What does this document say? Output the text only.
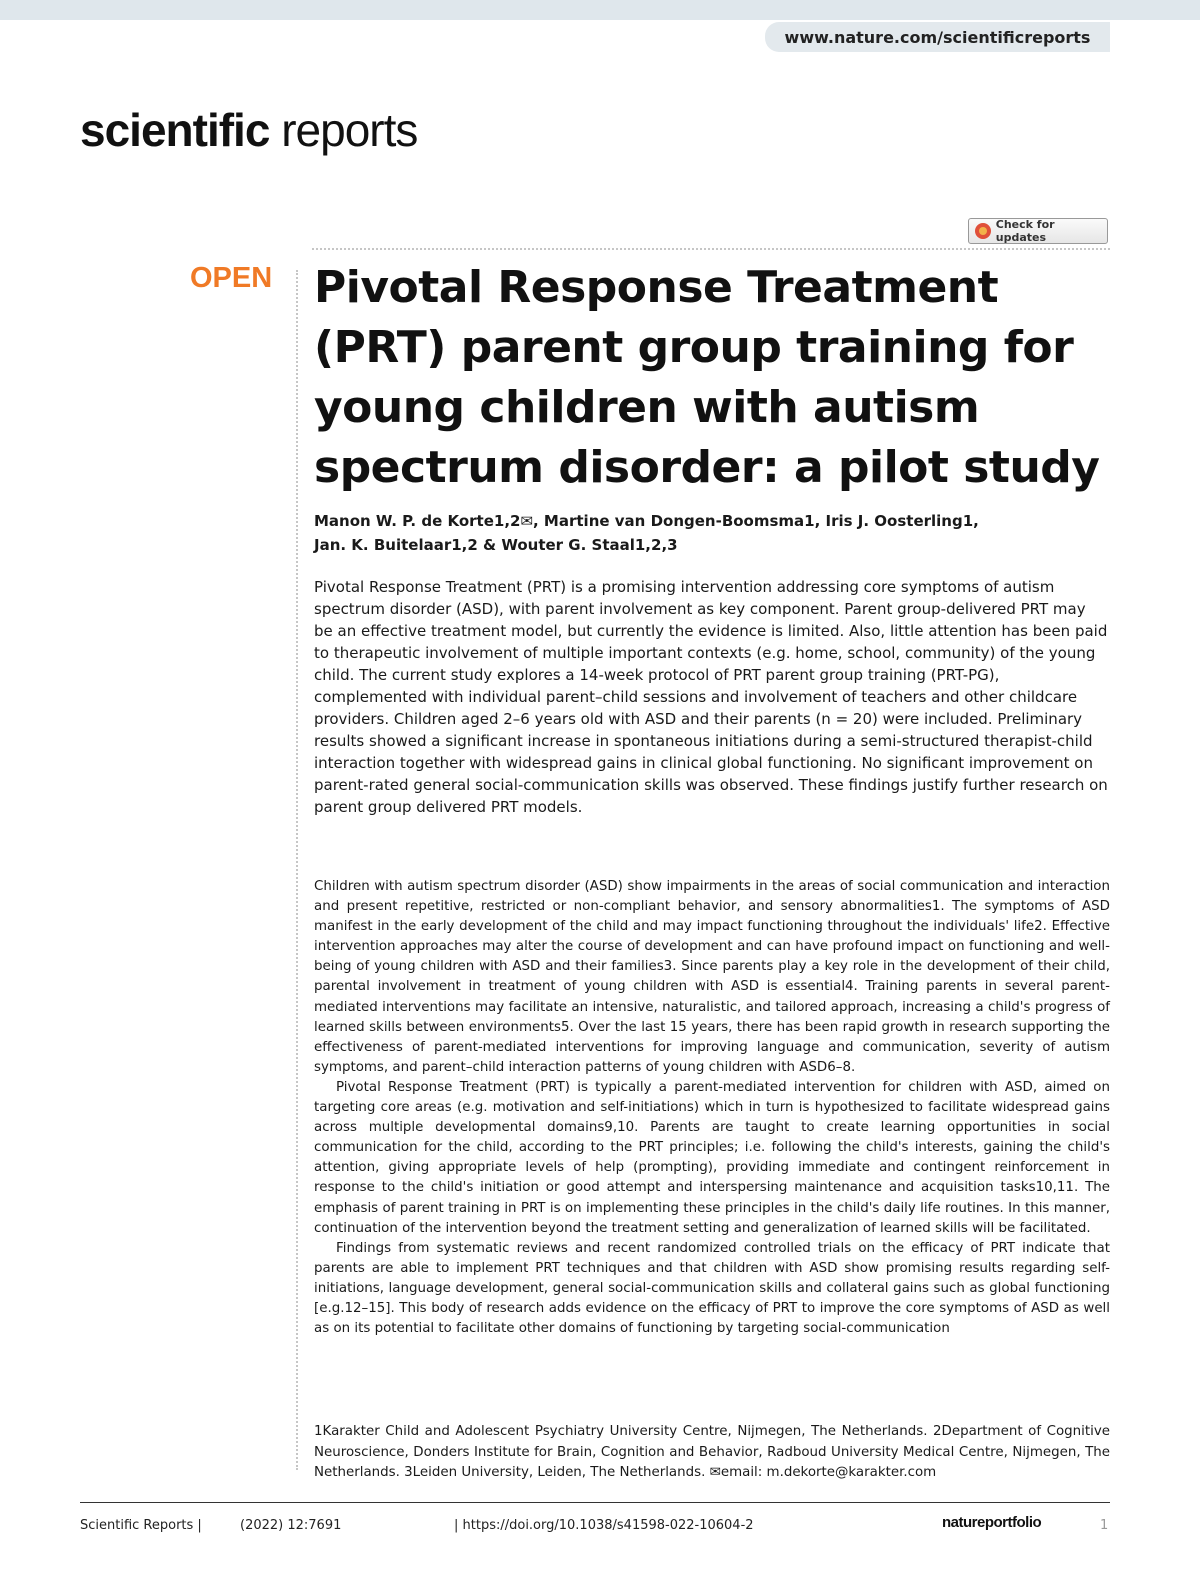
www.nature.com/scientificreports
scientific reports
Check for updates
OPEN Pivotal Response Treatment (PRT) parent group training for young children with autism spectrum disorder: a pilot study
Manon W. P. de Korte1,2✉, Martine van Dongen-Boomsma1, Iris J. Oosterling1,
Jan. K. Buitelaar1,2 & Wouter G. Staal1,2,3

Pivotal Response Treatment (PRT) is a promising intervention addressing core symptoms of autism spectrum disorder (ASD), with parent involvement as key component. Parent group-delivered PRT may be an effective treatment model, but currently the evidence is limited. Also, little attention has been paid to therapeutic involvement of multiple important contexts (e.g. home, school, community) of the young child. The current study explores a 14-week protocol of PRT parent group training (PRT-PG), complemented with individual parent–child sessions and involvement of teachers and other childcare providers. Children aged 2–6 years old with ASD and their parents (n = 20) were included. Preliminary results showed a significant increase in spontaneous initiations during a semi-structured therapist-child interaction together with widespread gains in clinical global functioning. No significant improvement on parent-rated general social-communication skills was observed. These findings justify further research on parent group delivered PRT models.

Children with autism spectrum disorder (ASD) show impairments in the areas of social communication and interaction and present repetitive, restricted or non-compliant behavior, and sensory abnormalities1. The symptoms of ASD manifest in the early development of the child and may impact functioning throughout the individuals' life2. Effective intervention approaches may alter the course of development and can have profound impact on functioning and well-being of young children with ASD and their families3. Since parents play a key role in the development of their child, parental involvement in treatment of young children with ASD is essential4. Training parents in several parent-mediated interventions may facilitate an intensive, naturalistic, and tailored approach, increasing a child's progress of learned skills between environments5. Over the last 15 years, there has been rapid growth in research supporting the effectiveness of parent-mediated interventions for improving language and communication, severity of autism symptoms, and parent–child interaction patterns of young children with ASD6–8.

Pivotal Response Treatment (PRT) is typically a parent-mediated intervention for children with ASD, aimed on targeting core areas (e.g. motivation and self-initiations) which in turn is hypothesized to facilitate widespread gains across multiple developmental domains9,10. Parents are taught to create learning opportunities in social communication for the child, according to the PRT principles; i.e. following the child's interests, gaining the child's attention, giving appropriate levels of help (prompting), providing immediate and contingent reinforcement in response to the child's initiation or good attempt and interspersing maintenance and acquisition tasks10,11. The emphasis of parent training in PRT is on implementing these principles in the child's daily life routines. In this manner, continuation of the intervention beyond the treatment setting and generalization of learned skills will be facilitated.

Findings from systematic reviews and recent randomized controlled trials on the efficacy of PRT indicate that parents are able to implement PRT techniques and that children with ASD show promising results regarding self-initiations, language development, general social-communication skills and collateral gains such as global functioning [e.g.12–15]. This body of research adds evidence on the efficacy of PRT to improve the core symptoms of ASD as well as on its potential to facilitate other domains of functioning by targeting social-communication

1Karakter Child and Adolescent Psychiatry University Centre, Nijmegen, The Netherlands. 2Department of Cognitive Neuroscience, Donders Institute for Brain, Cognition and Behavior, Radboud University Medical Centre, Nijmegen, The Netherlands. 3Leiden University, Leiden, The Netherlands. ✉email: m.dekorte@karakter.com

Scientific Reports |	(2022) 12:7691	| https://doi.org/10.1038/s41598-022-10604-2	natureportfolio	1
